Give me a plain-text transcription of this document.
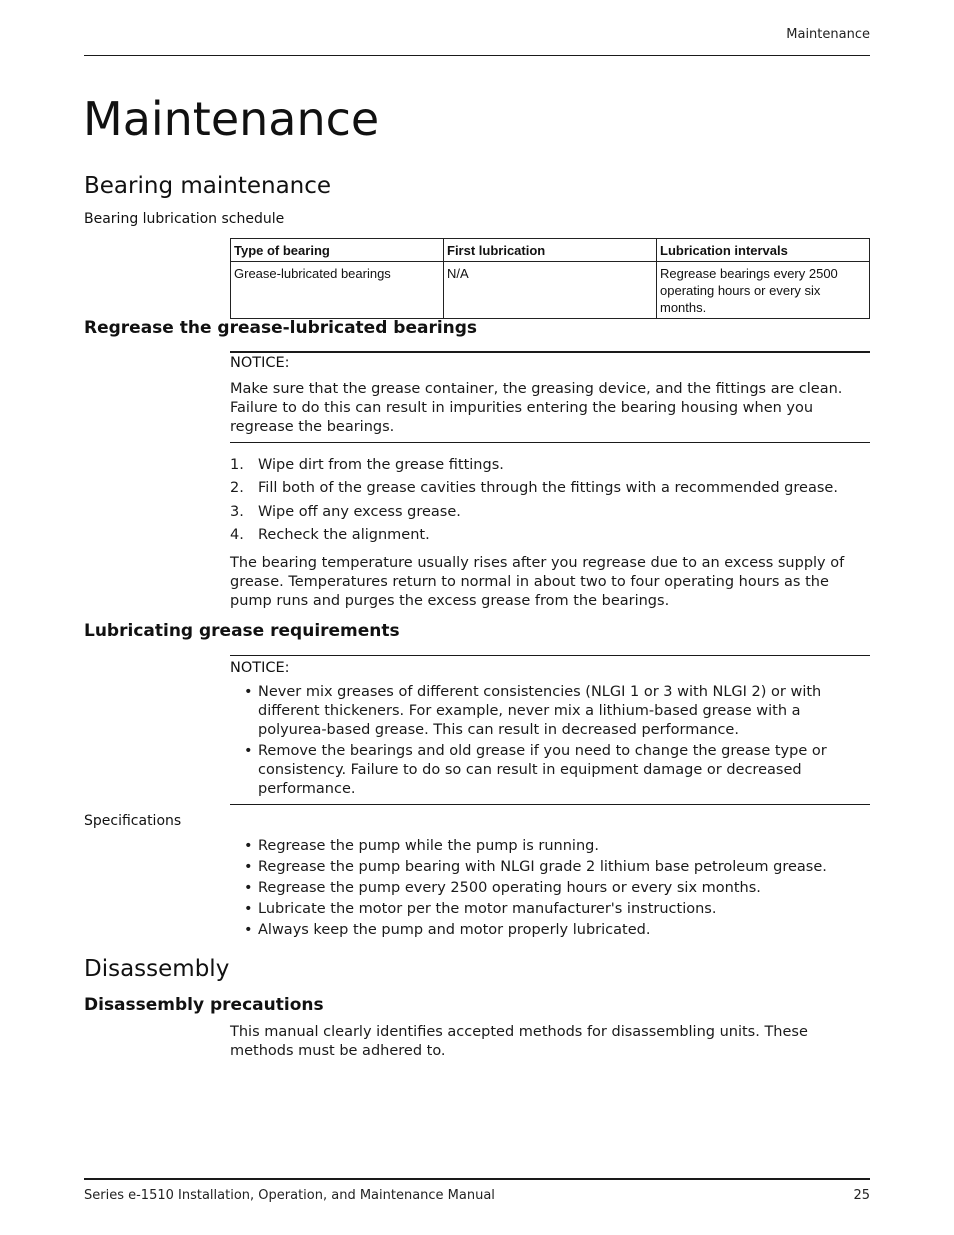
Maintenance
Maintenance
Bearing maintenance
Bearing lubrication schedule
Type of bearing	First lubrication	Lubrication intervals
Grease-lubricated bearings	N/A	Regrease bearings every 2500 operating hours or every six months.
Regrease the grease-lubricated bearings
NOTICE:
Make sure that the grease container, the greasing device, and the fittings are clean. Failure to do this can result in impurities entering the bearing housing when you regrease the bearings.
1. Wipe dirt from the grease fittings.
2. Fill both of the grease cavities through the fittings with a recommended grease.
3. Wipe off any excess grease.
4. Recheck the alignment.
The bearing temperature usually rises after you regrease due to an excess supply of grease. Temperatures return to normal in about two to four operating hours as the pump runs and purges the excess grease from the bearings.
Lubricating grease requirements
NOTICE:
• Never mix greases of different consistencies (NLGI 1 or 3 with NLGI 2) or with different thickeners. For example, never mix a lithium-based grease with a polyurea-based grease. This can result in decreased performance.
• Remove the bearings and old grease if you need to change the grease type or consistency. Failure to do so can result in equipment damage or decreased performance.
Specifications
• Regrease the pump while the pump is running.
• Regrease the pump bearing with NLGI grade 2 lithium base petroleum grease.
• Regrease the pump every 2500 operating hours or every six months.
• Lubricate the motor per the motor manufacturer's instructions.
• Always keep the pump and motor properly lubricated.
Disassembly
Disassembly precautions
This manual clearly identifies accepted methods for disassembling units. These methods must be adhered to.
Series e-1510 Installation, Operation, and Maintenance Manual	25
